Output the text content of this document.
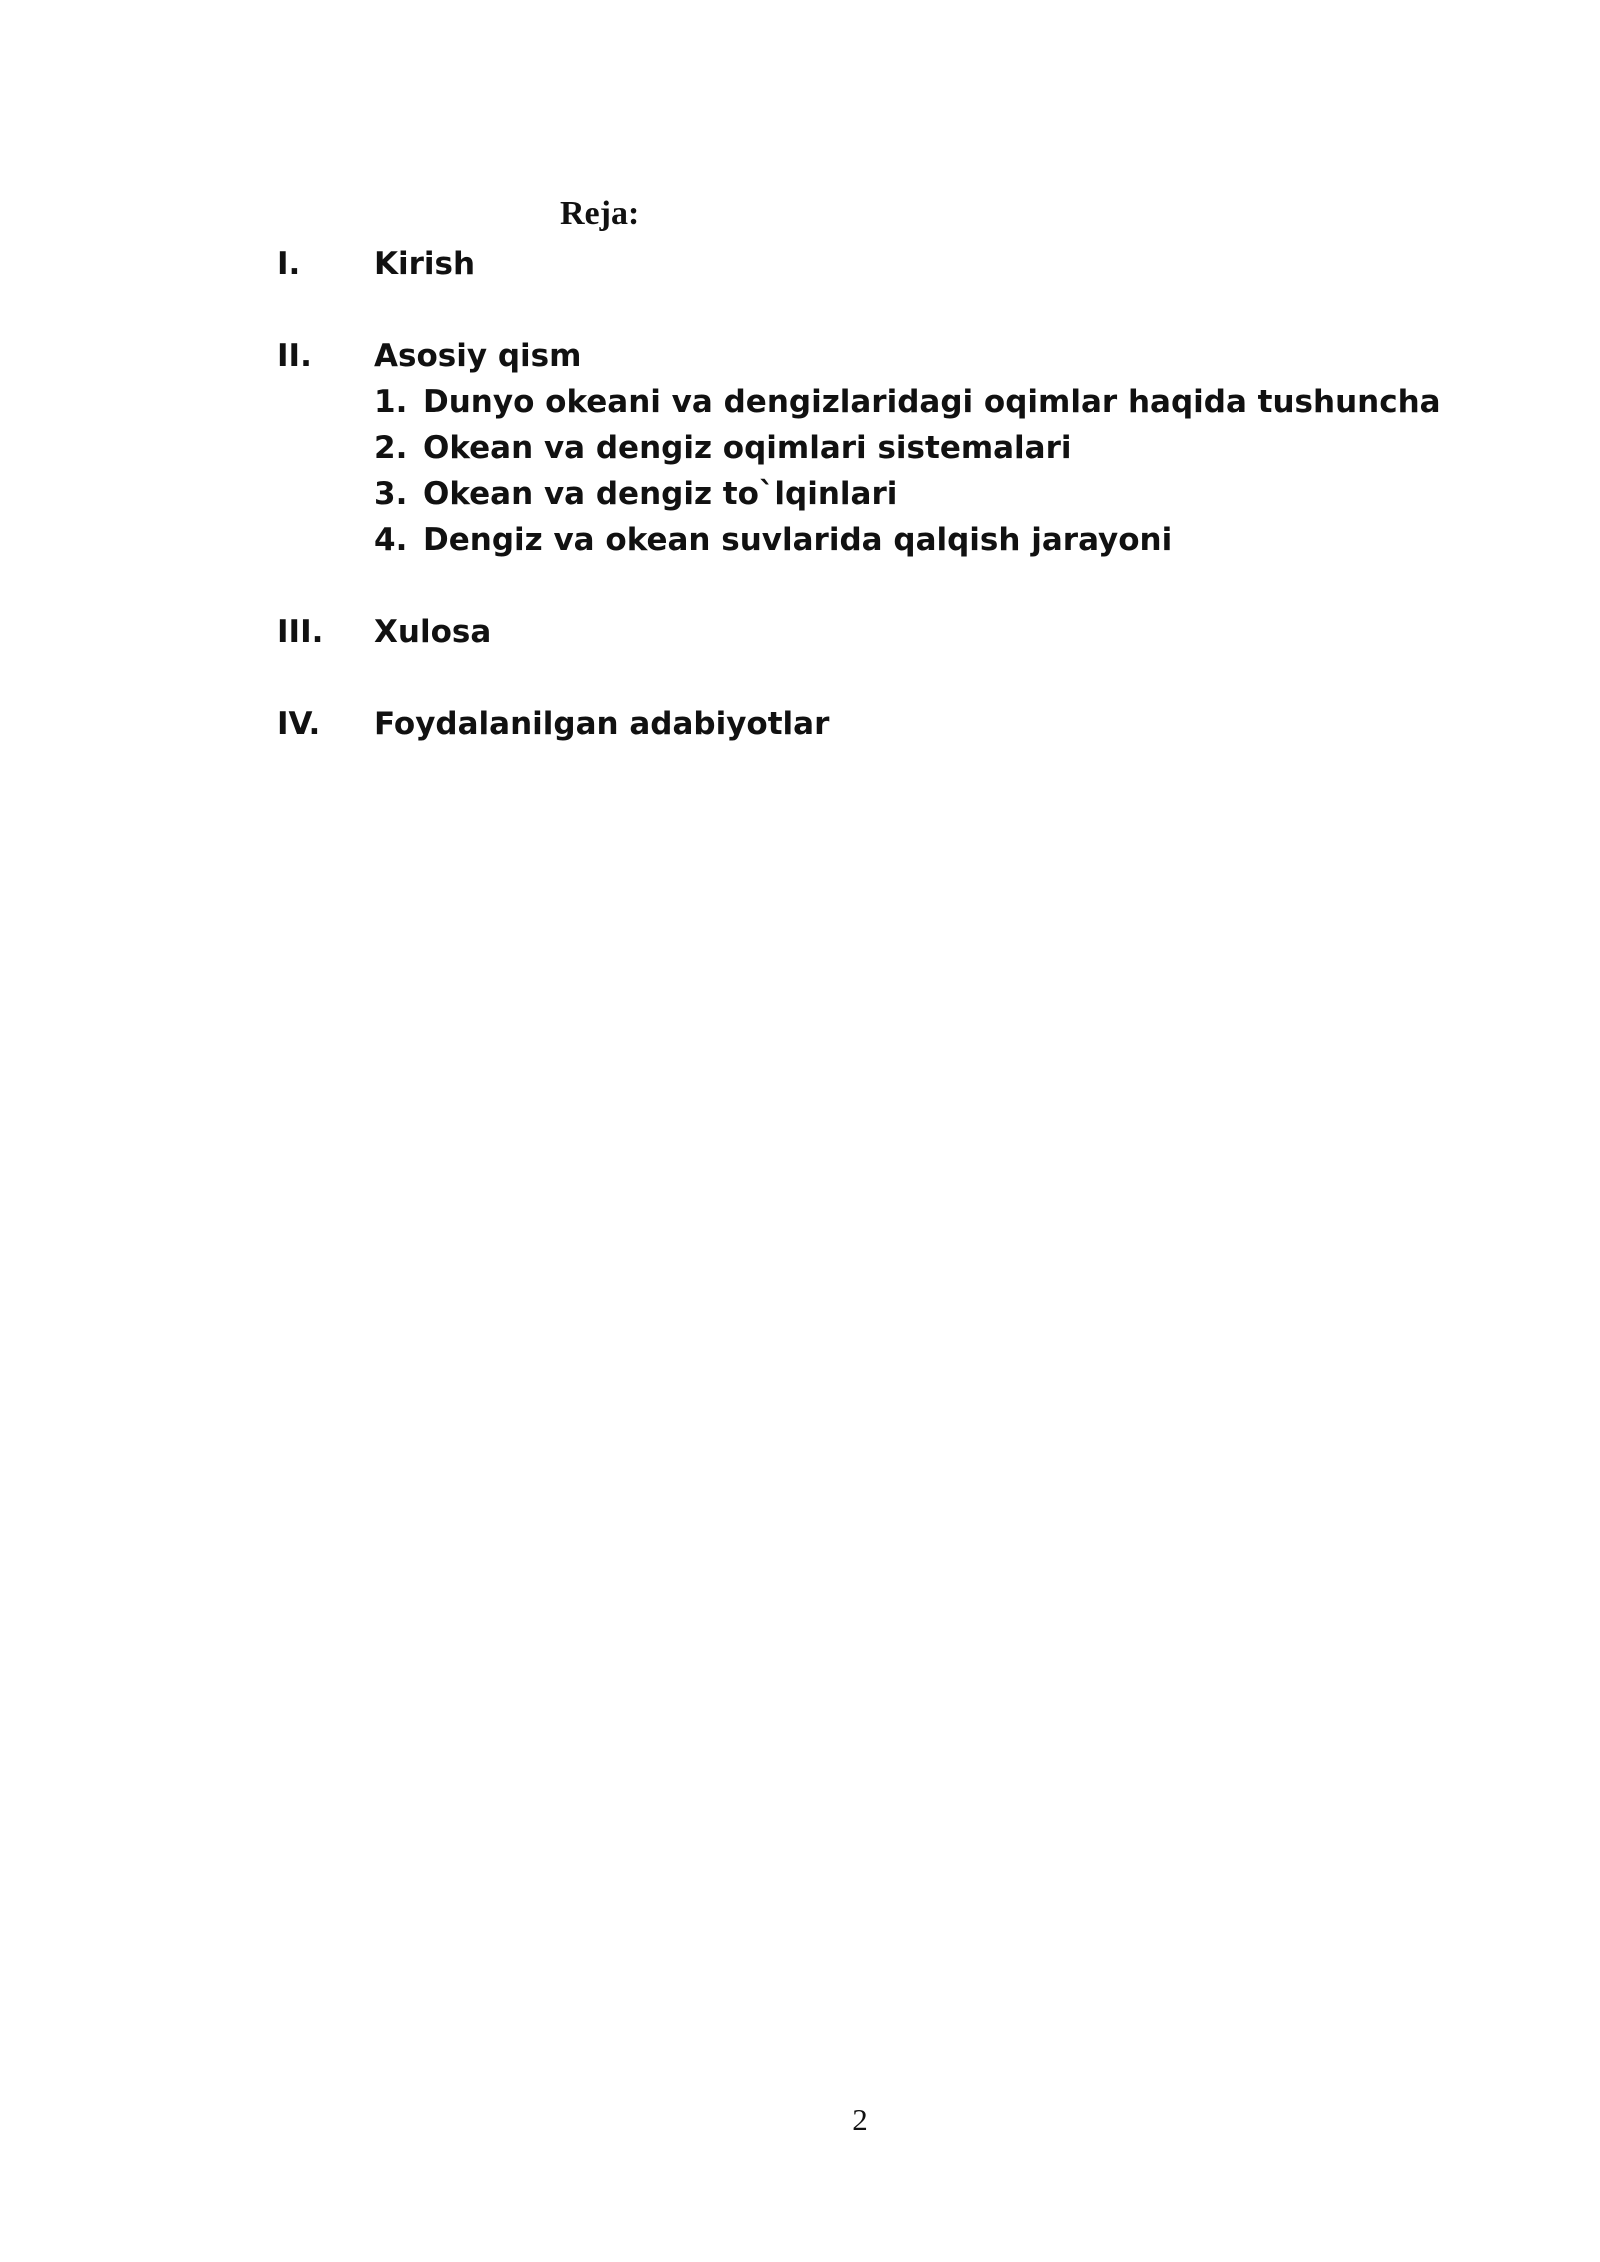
Reja:
I. Kirish
II. Asosiy qism
1. Dunyo okeani va dengizlaridagi oqimlar haqida tushuncha
2. Okean va dengiz oqimlari sistemalari
3. Okean va dengiz to`lqinlari
4. Dengiz va okean suvlarida qalqish jarayoni
III. Xulosa
IV. Foydalanilgan adabiyotlar
2
